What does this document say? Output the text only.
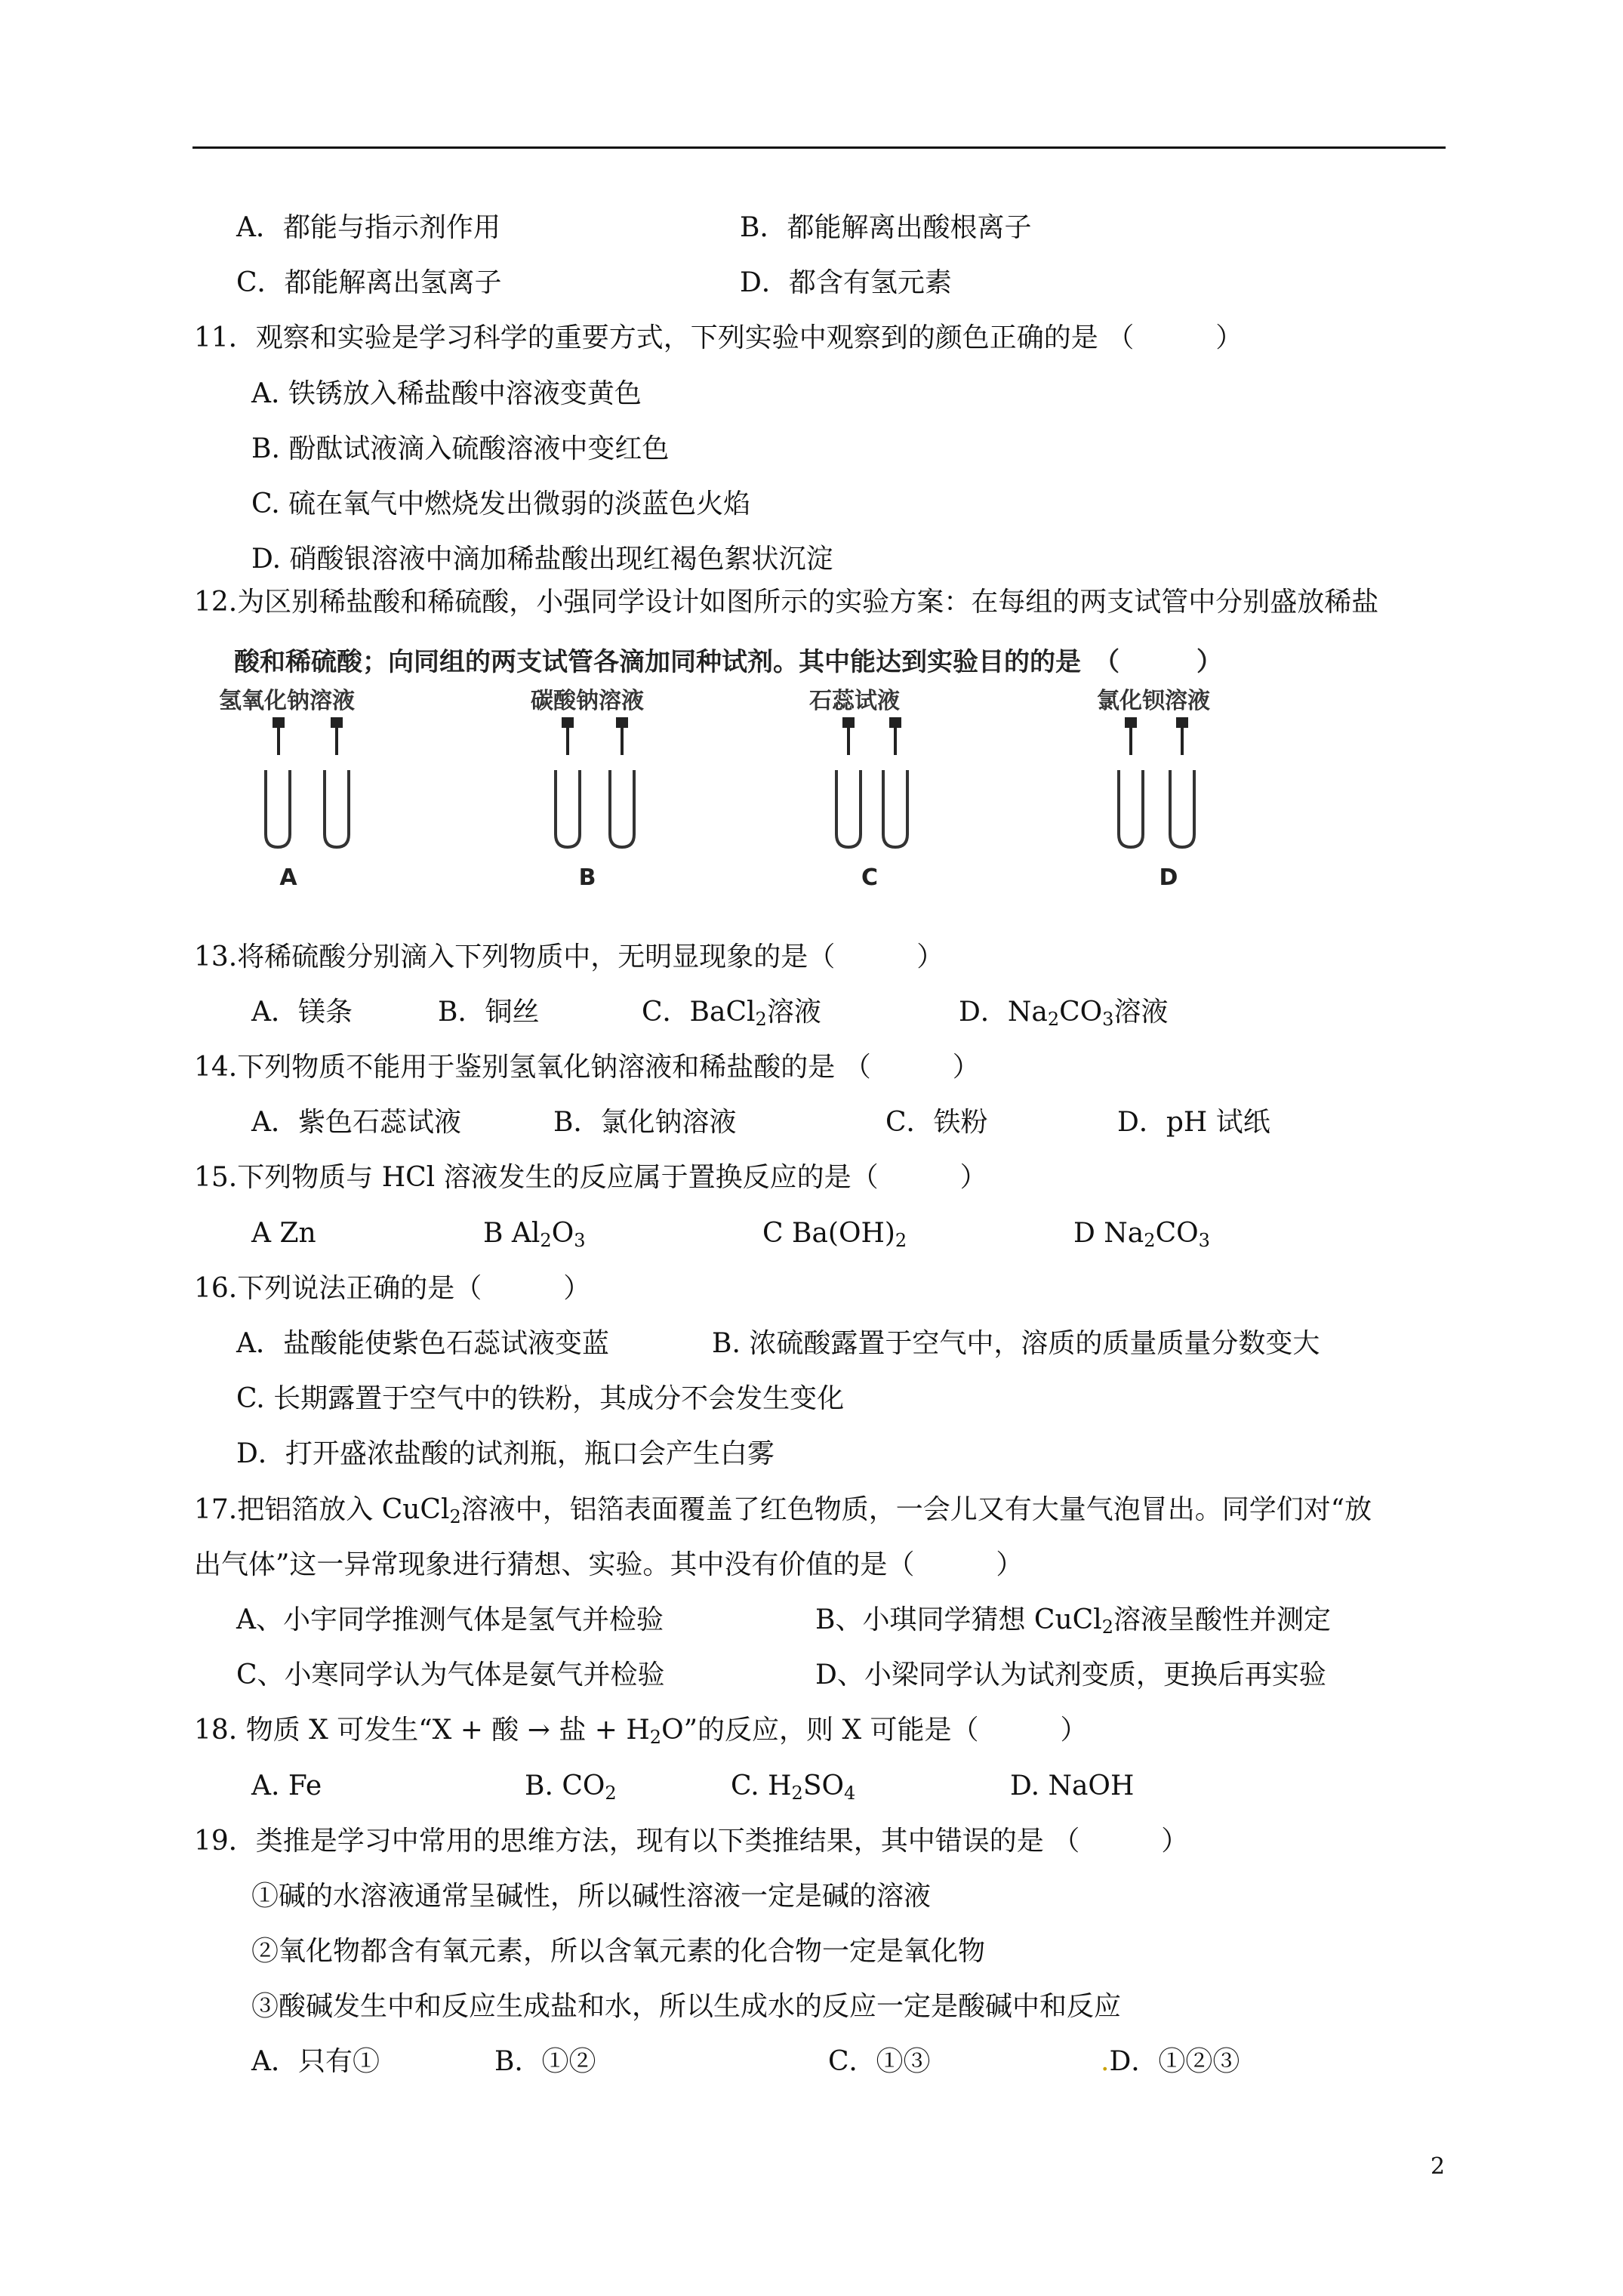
A．都能与指示剂作用	B．都能解离出酸根离子
C．都能解离出氢离子	D．都含有氢元素
11．观察和实验是学习科学的重要方式，下列实验中观察到的颜色正确的是 （　　　）
A. 铁锈放入稀盐酸中溶液变黄色
B. 酚酞试液滴入硫酸溶液中变红色
C. 硫在氧气中燃烧发出微弱的淡蓝色火焰
D. 硝酸银溶液中滴加稀盐酸出现红褐色絮状沉淀
12.为区别稀盐酸和稀硫酸，小强同学设计如图所示的实验方案：在每组的两支试管中分别盛放稀盐
酸和稀硫酸；向同组的两支试管各滴加同种试剂。其中能达到实验目的的是　（　　　）
氢氧化钠溶液
A
碳酸钠溶液
B
石蕊试液
C
氯化钡溶液
D
13.将稀硫酸分别滴入下列物质中，无明显现象的是（　　　）
A．镁条	B．铜丝	C．BaCl$_2$溶液	D．$Na_2CO_3$溶液
14.下列物质不能用于鉴别氢氧化钠溶液和稀盐酸的是 （　　　）
A．紫色石蕊试液	B．氯化钠溶液	C．铁粉	D．pH 试纸
15.下列物质与 HCl 溶液发生的反应属于置换反应的是（　　　）
A Zn	B $Al_2O_3$	C $Ba(OH)_2$	D $Na_2CO_3$
16.下列说法正确的是（　　　）
A．盐酸能使紫色石蕊试液变蓝	B. 浓硫酸露置于空气中，溶质的质量质量分数变大
C. 长期露置于空气中的铁粉，其成分不会发生变化
D．打开盛浓盐酸的试剂瓶，瓶口会产生白雾
17.把铝箔放入 CuCl$_2$溶液中，铝箔表面覆盖了红色物质，一会儿又有大量气泡冒出。同学们对“放
出气体”这一异常现象进行猜想、实验。其中没有价值的是（　　　）
A、小宇同学推测气体是氢气并检验	B、小琪同学猜想 CuCl$_2$溶液呈酸性并测定
C、小寒同学认为气体是氨气并检验	D、小梁同学认为试剂变质，更换后再实验
18. 物质 X 可发生“X + 酸 → 盐 + $H_2O$”的反应，则 X 可能是（　　　）
A. Fe	B. $CO_2$	C. $H_2SO_4$	D. NaOH
19．类推是学习中常用的思维方法，现有以下类推结果，其中错误的是 （　　　）
①碱的水溶液通常呈碱性，所以碱性溶液一定是碱的溶液
②氧化物都含有氧元素，所以含氧元素的化合物一定是氧化物
③酸碱发生中和反应生成盐和水，所以生成水的反应一定是酸碱中和反应
A．只有①	B．①②	C．①③	.D．①②③
2
